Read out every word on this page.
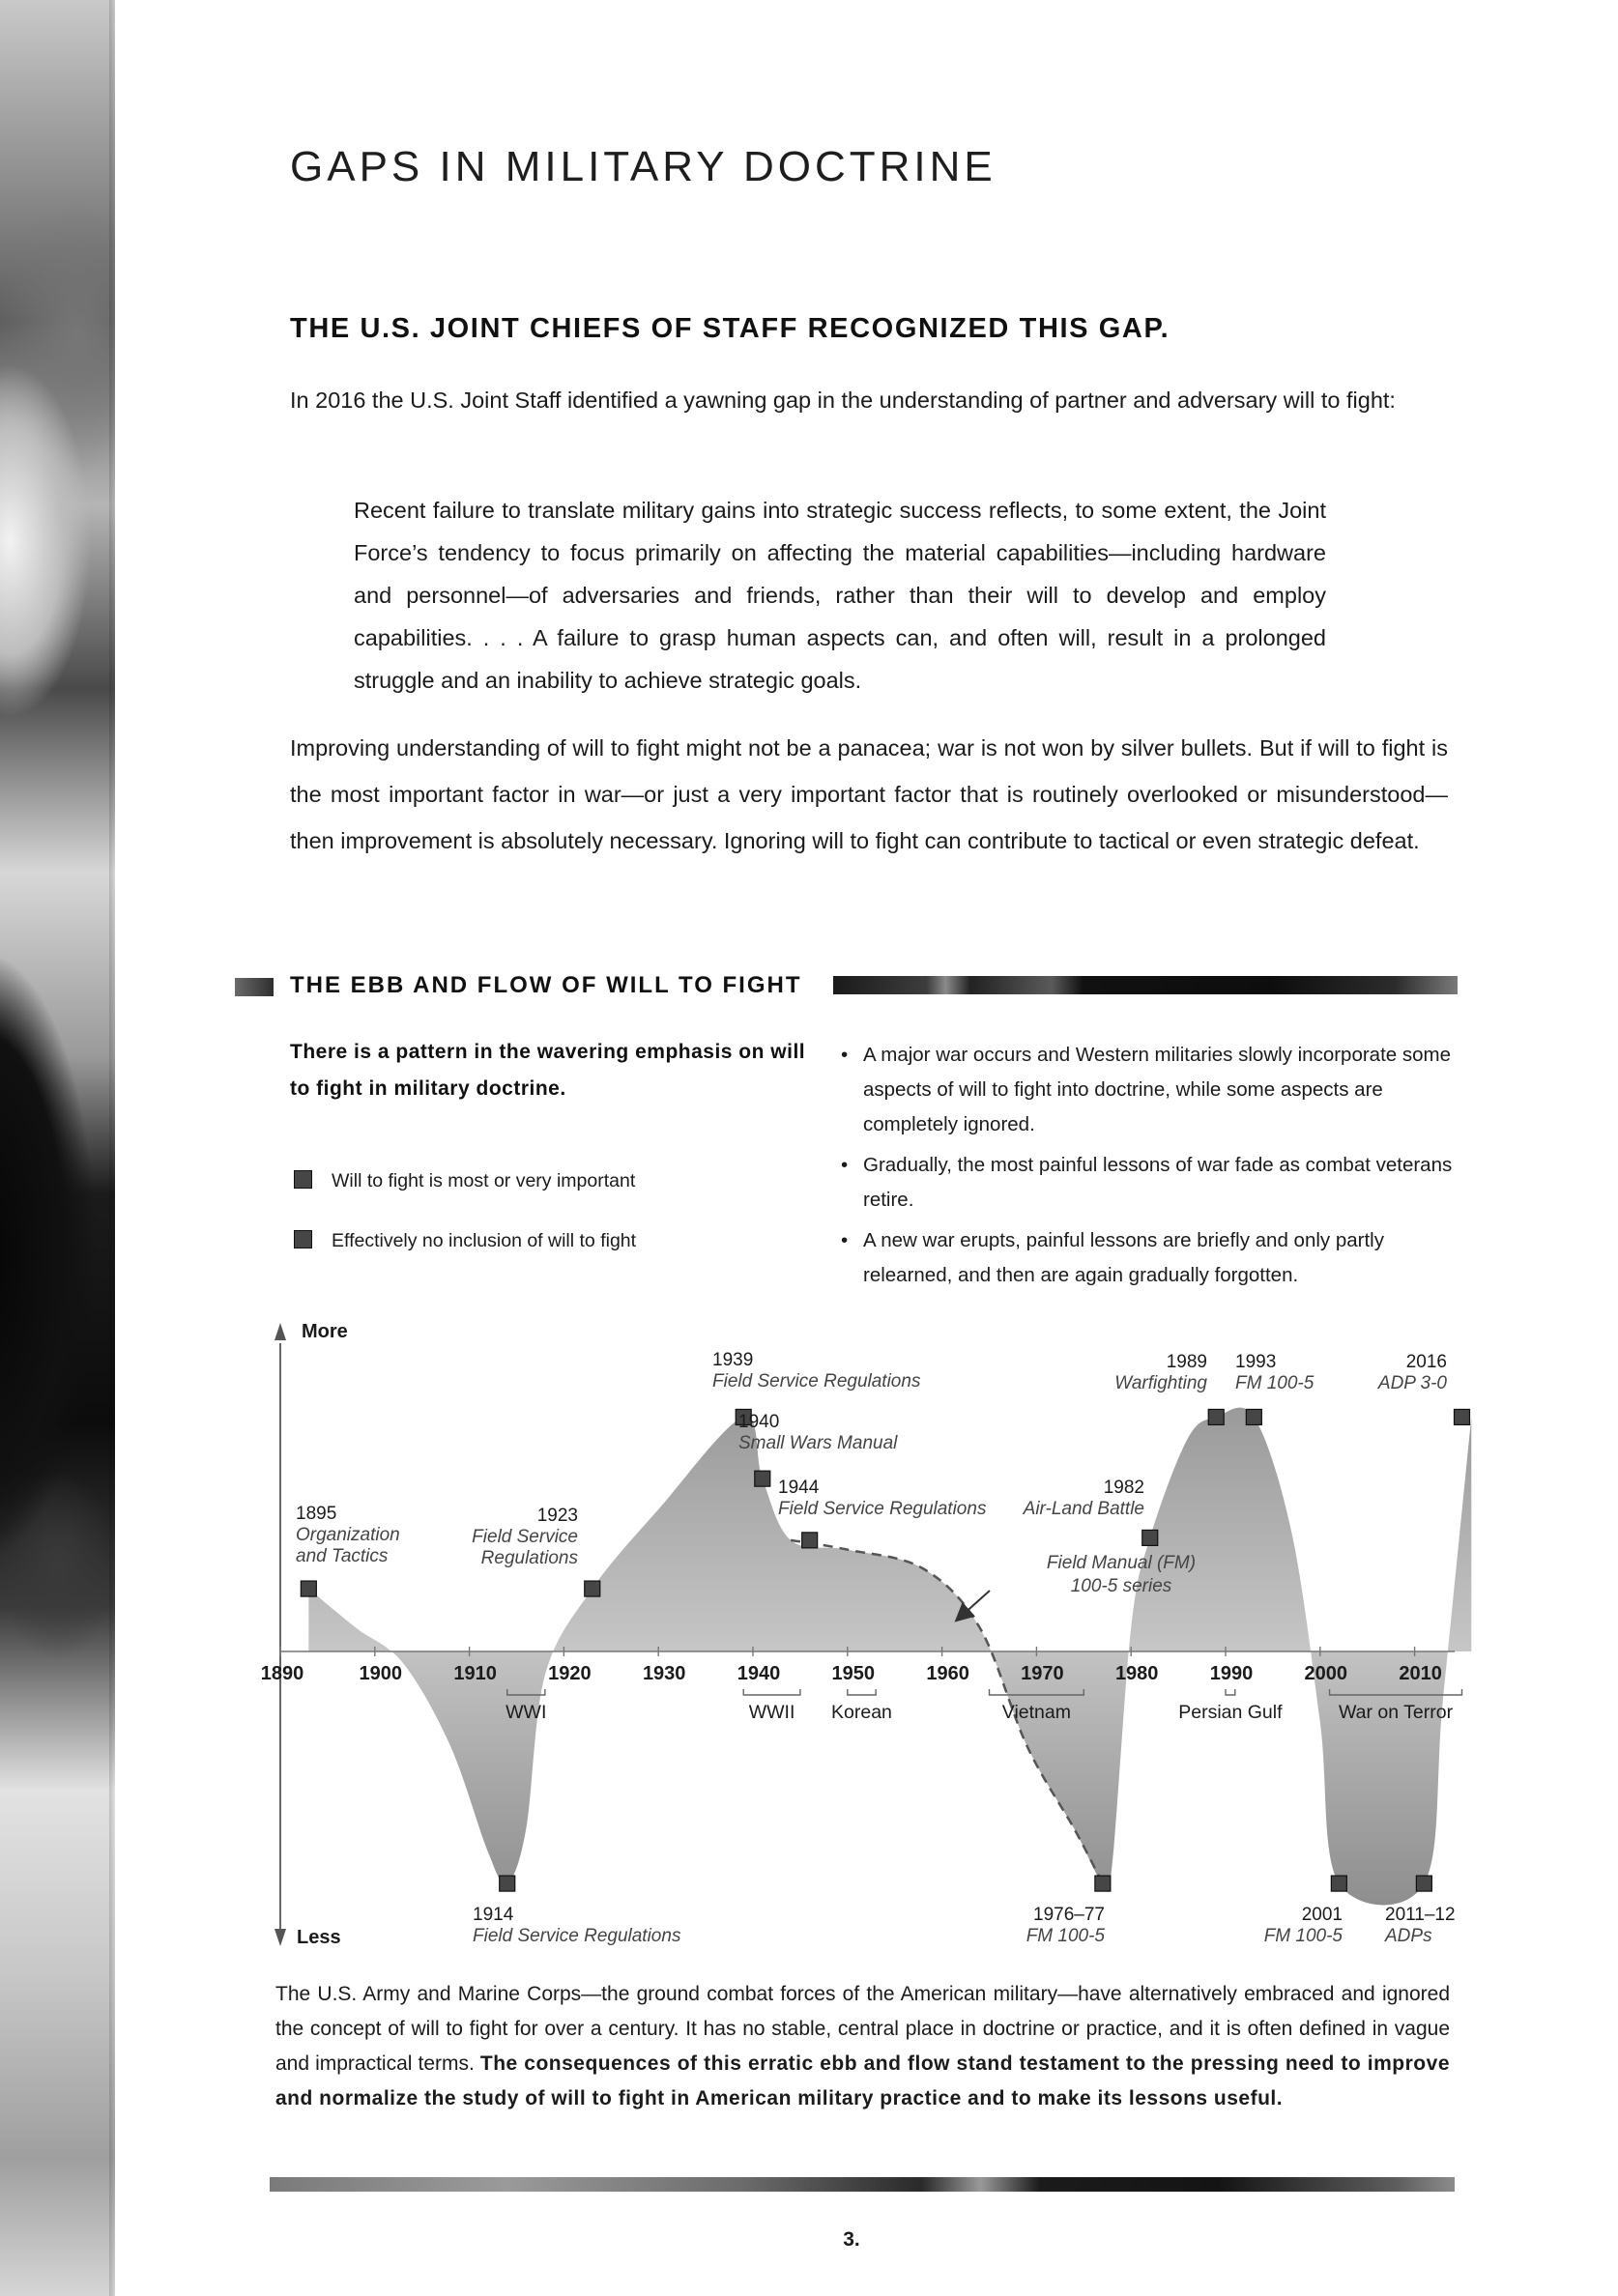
GAPS IN MILITARY DOCTRINE
THE U.S. JOINT CHIEFS OF STAFF RECOGNIZED THIS GAP.
In 2016 the U.S. Joint Staff identified a yawning gap in the understanding of partner and adversary will to fight:
Recent failure to translate military gains into strategic success reflects, to some extent, the Joint Force’s tendency to focus primarily on affecting the material capabilities—including hardware and personnel—of adversaries and friends, rather than their will to develop and employ capabilities. . . . A failure to grasp human aspects can, and often will, result in a prolonged struggle and an inability to achieve strategic goals.
Improving understanding of will to fight might not be a panacea; war is not won by silver bullets. But if will to fight is the most important factor in war—or just a very important factor that is routinely overlooked or misunderstood—then improvement is absolutely necessary. Ignoring will to fight can contribute to tactical or even strategic defeat.
THE EBB AND FLOW OF WILL TO FIGHT
There is a pattern in the wavering emphasis on will to fight in military doctrine.
Will to fight is most or very important
Effectively no inclusion of will to fight
• A major war occurs and Western militaries slowly incorporate some aspects of will to fight into doctrine, while some aspects are completely ignored.
• Gradually, the most painful lessons of war fade as combat veterans retire.
• A new war erupts, painful lessons are briefly and only partly relearned, and then are again gradually forgotten.
More
Less
1890	1900	1910	1920	1930	1940	1950	1960	1970	1980	1990	2000	2010
WWI	WWII Korean	Vietnam	Persian Gulf	War on Terror
1895
Organization and Tactics
1914
Field Service Regulations
1923
Field Service Regulations
1939
Field Service Regulations
1940
Small Wars Manual
1944
Field Service Regulations
1976–77
FM 100-5
1982
Air-Land Battle
1989
Warfighting
1993
FM 100-5
2001
FM 100-5
2011–12
ADPs
2016
ADP 3-0
Field Manual (FM) 100-5 series
The U.S. Army and Marine Corps—the ground combat forces of the American military—have alternatively embraced and ignored the concept of will to fight for over a century. It has no stable, central place in doctrine or practice, and it is often defined in vague and impractical terms. The consequences of this erratic ebb and flow stand testament to the pressing need to improve and normalize the study of will to fight in American military practice and to make its lessons useful.
3.
